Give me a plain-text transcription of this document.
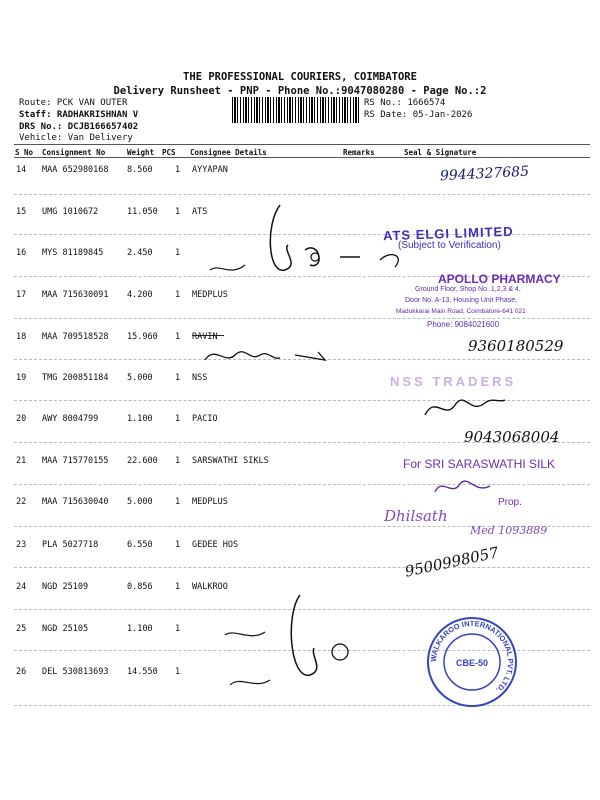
THE PROFESSIONAL COURIERS, COIMBATORE
Delivery Runsheet - PNP - Phone No.:9047080280 - Page No.:2
Route: PCK VAN OUTER
Staff: RADHAKRISHNAN V
DRS No.: DCJB166657402
Vehicle: Van Delivery
RS No.: 1666574
RS Date: 05-Jan-2026
S No Consignment No	Weight PCS Consignee Details	Remarks	Seal & Signature
14 MAA 652980168 8.560	1 AYYAPAN
15 UMG 1010672	11.050 1 ATS
16 MYS 81189845	2.450	1
17 MAA 715630091 4.200	1 MEDPLUS
18 MAA 709518528 15.960 1 RAVIN
19 TMG 200851184 5.000	1 NSS
20 AWY 8004799	1.100	1 PACIO
21 MAA 715770155 22.600 1 SARSWATHI SIKLS
22 MAA 715630040 5.000	1 MEDPLUS
23 PLA 5027718	6.550	1 GEDEE HOS
24 NGD 25109	0.856	1 WALKROO
25 NGD 25105	1.100	1
26 DEL 530813693 14.550 1
ATS ELGI LIMITED
(Subject to Verification)
APOLLO PHARMACY
Ground Floor, Shop No. 1,2,3 & 4,
Door No. A-13, Housing Unit Phase,
Madukkarai Main Road, Coimbatore-641 021
Phone: 9084021600
NSS TRADERS
For SRI SARASWATHI SILK
Prop.
WALKAROO INTERNATIONAL PVT. LTD.
CBE-50
9944327685
9360180529
9043068004
Dhilsath
Med 1093889
9500998057
